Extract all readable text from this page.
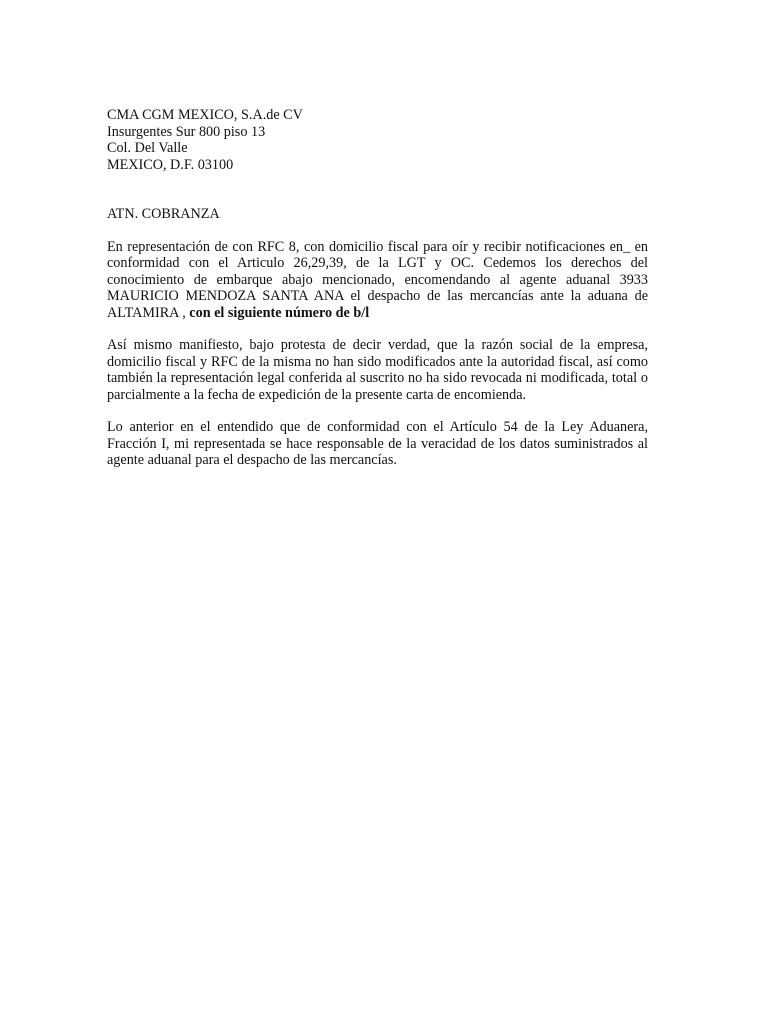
CMA CGM MEXICO, S.A.de CV
Insurgentes Sur 800 piso 13
Col. Del Valle
MEXICO, D.F. 03100
ATN. COBRANZA

En representación de con RFC 8, con domicilio fiscal para oír y recibir notificaciones en_ en conformidad con el Articulo 26,29,39, de la LGT y OC. Cedemos los derechos del conocimiento de embarque abajo mencionado, encomendando al agente aduanal 3933 MAURICIO MENDOZA SANTA ANA el despacho de las mercancías ante la aduana de ALTAMIRA , con el siguiente número de b/l

Así mismo manifiesto, bajo protesta de decir verdad, que la razón social de la empresa, domicilio fiscal y RFC de la misma no han sido modificados ante la autoridad fiscal, así como también la representación legal conferida al suscrito no ha sido revocada ni modificada, total o parcialmente a la fecha de expedición de la presente carta de encomienda.

Lo anterior en el entendido que de conformidad con el Artículo 54 de la Ley Aduanera, Fracción I, mi representada se hace responsable de la veracidad de los datos suministrados al agente aduanal para el despacho de las mercancías.
